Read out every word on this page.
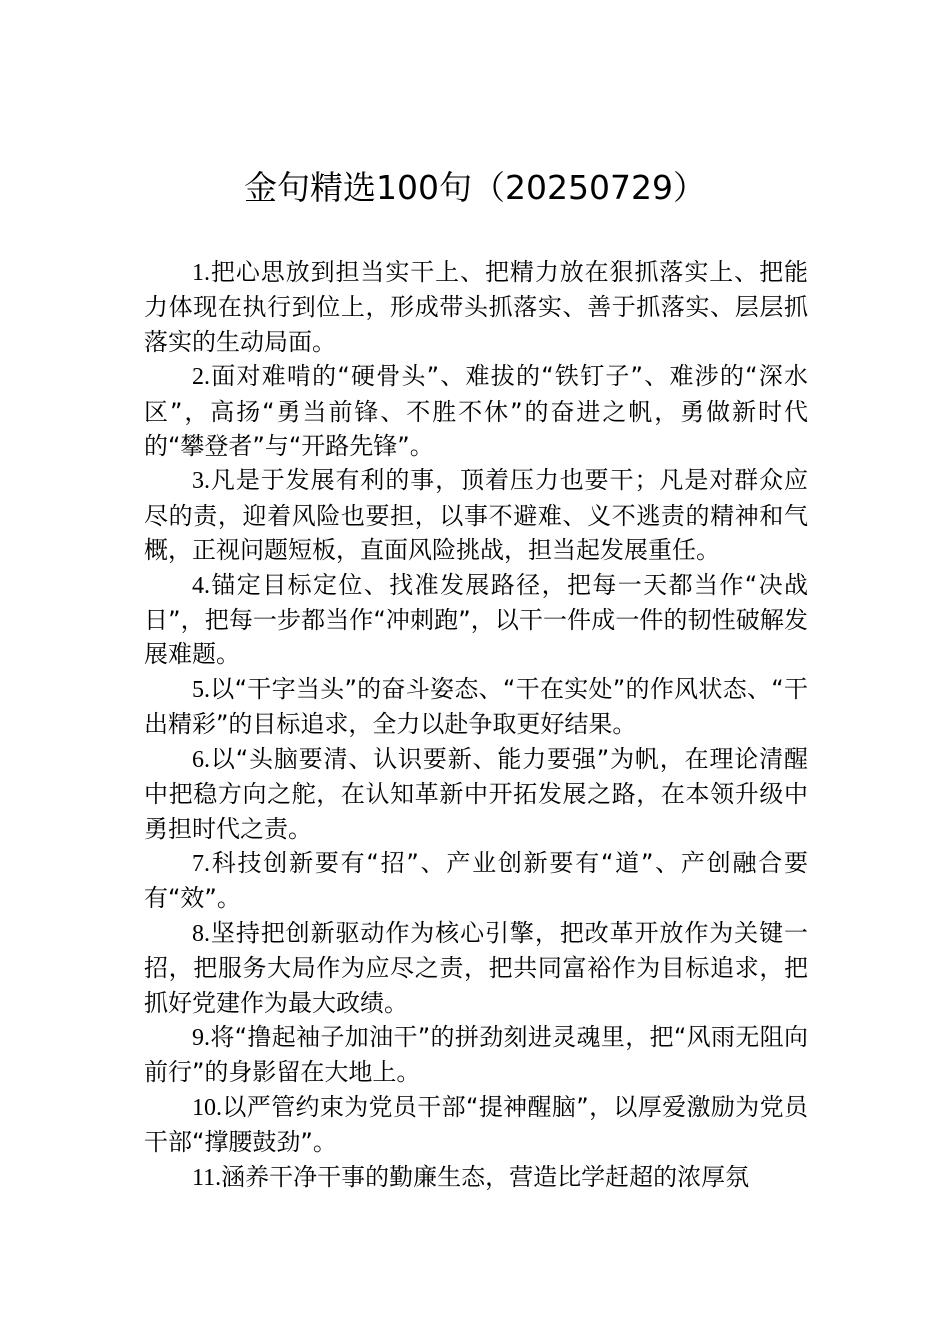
金句精选100句（20250729）

1.把心思放到担当实干上、把精力放在狠抓落实上、把能力体现在执行到位上，形成带头抓落实、善于抓落实、层层抓落实的生动局面。

2.面对难啃的“硬骨头”、难拔的“铁钉子”、难涉的“深水区”，高扬“勇当前锋、不胜不休”的奋进之帆，勇做新时代的“攀登者”与“开路先锋”。

3.凡是于发展有利的事，顶着压力也要干；凡是对群众应尽的责，迎着风险也要担，以事不避难、义不逃责的精神和气概，正视问题短板，直面风险挑战，担当起发展重任。

4.锚定目标定位、找准发展路径，把每一天都当作“决战日”，把每一步都当作“冲刺跑”，以干一件成一件的韧性破解发展难题。

5.以“干字当头”的奋斗姿态、“干在实处”的作风状态、“干出精彩”的目标追求，全力以赴争取更好结果。

6.以“头脑要清、认识要新、能力要强”为帆，在理论清醒中把稳方向之舵，在认知革新中开拓发展之路，在本领升级中勇担时代之责。

7.科技创新要有“招”、产业创新要有“道”、产创融合要有“效”。

8.坚持把创新驱动作为核心引擎，把改革开放作为关键一招，把服务大局作为应尽之责，把共同富裕作为目标追求，把抓好党建作为最大政绩。

9.将“撸起袖子加油干”的拼劲刻进灵魂里，把“风雨无阻向前行”的身影留在大地上。

10.以严管约束为党员干部“提神醒脑”，以厚爱激励为党员干部“撑腰鼓劲”。

11.涵养干净干事的勤廉生态，营造比学赶超的浓厚氛
